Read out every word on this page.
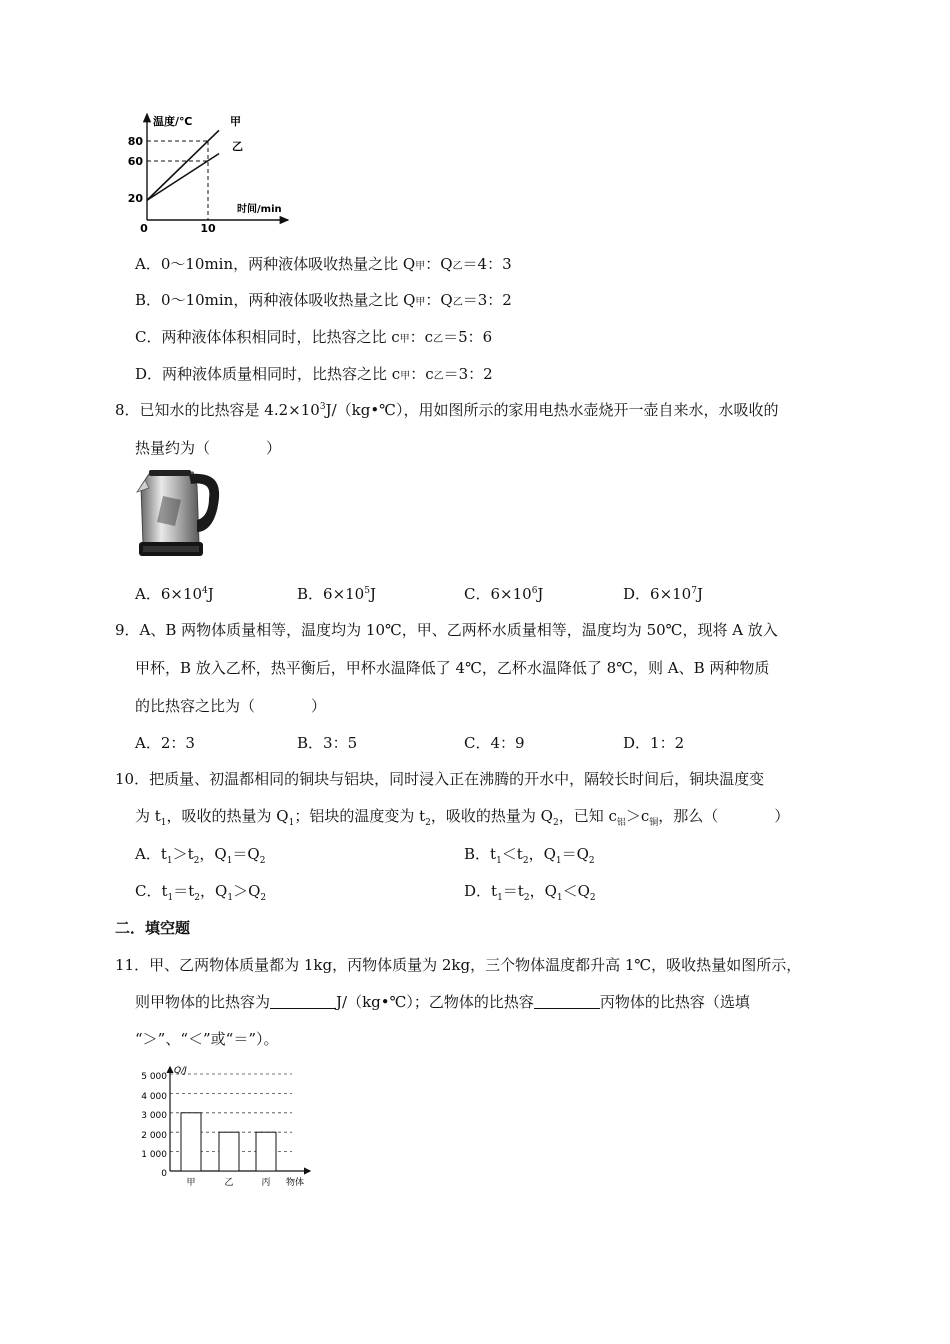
温度/℃
时间/min
甲
乙
80
60
20
0	10
A．0～10min，两种液体吸收热量之比 Q甲：Q乙＝4：3
B．0～10min，两种液体吸收热量之比 Q甲：Q乙＝3：2
C．两种液体体积相同时，比热容之比 c甲：c乙＝5：6
D．两种液体质量相同时，比热容之比 c甲：c乙＝3：2
8．已知水的比热容是 $4.2\times 10^3J/(kg•℃)$，用如图所示的家用电热水壶烧开一壶自来水，水吸收的
热量约为（	）
A．$6\times 10^4J$	B．$6\times 10^5J$	C．$6\times 10^6J$	D．$6\times 10^7J$
9．A、B 两物体质量相等，温度均为 10℃，甲、乙两杯水质量相等，温度均为 50℃，现将 A 放入
甲杯，B 放入乙杯，热平衡后，甲杯水温降低了 4℃，乙杯水温降低了 8℃，则 A、B 两种物质
的比热容之比为（	）
A．2：3	B．3：5	C．4：9	D．1：2
10．把质量、初温都相同的铜块与铝块，同时浸入正在沸腾的开水中，隔较长时间后，铜块温度变
为 $t_1$，吸收的热量为 $Q_1$；铝块的温度变为 $t_2$，吸收的热量为 $Q_2$，已知 $c_铝>c_铜$，那么（	）
A．$t_1>t_2$，$Q_1=Q_2$	B．$t_1<t_2$，$Q_1=Q_2$
C．$t_1=t_2$，$Q_1>Q_2$	D．$t_1=t_2$，$Q_1<Q_2$
二．填空题
11．甲、乙两物体质量都为 1kg，丙物体质量为 2kg，三个物体温度都升高 1℃，吸收热量如图所示，
则甲物体的比热容为	J/（kg•℃）；乙物体的比热容	丙物体的比热容（选填
“＞”、“＜”或“＝”）。
甲	乙	丙
Q/J
物体
5 000
4 000
3 000
2 000
1 000
0
